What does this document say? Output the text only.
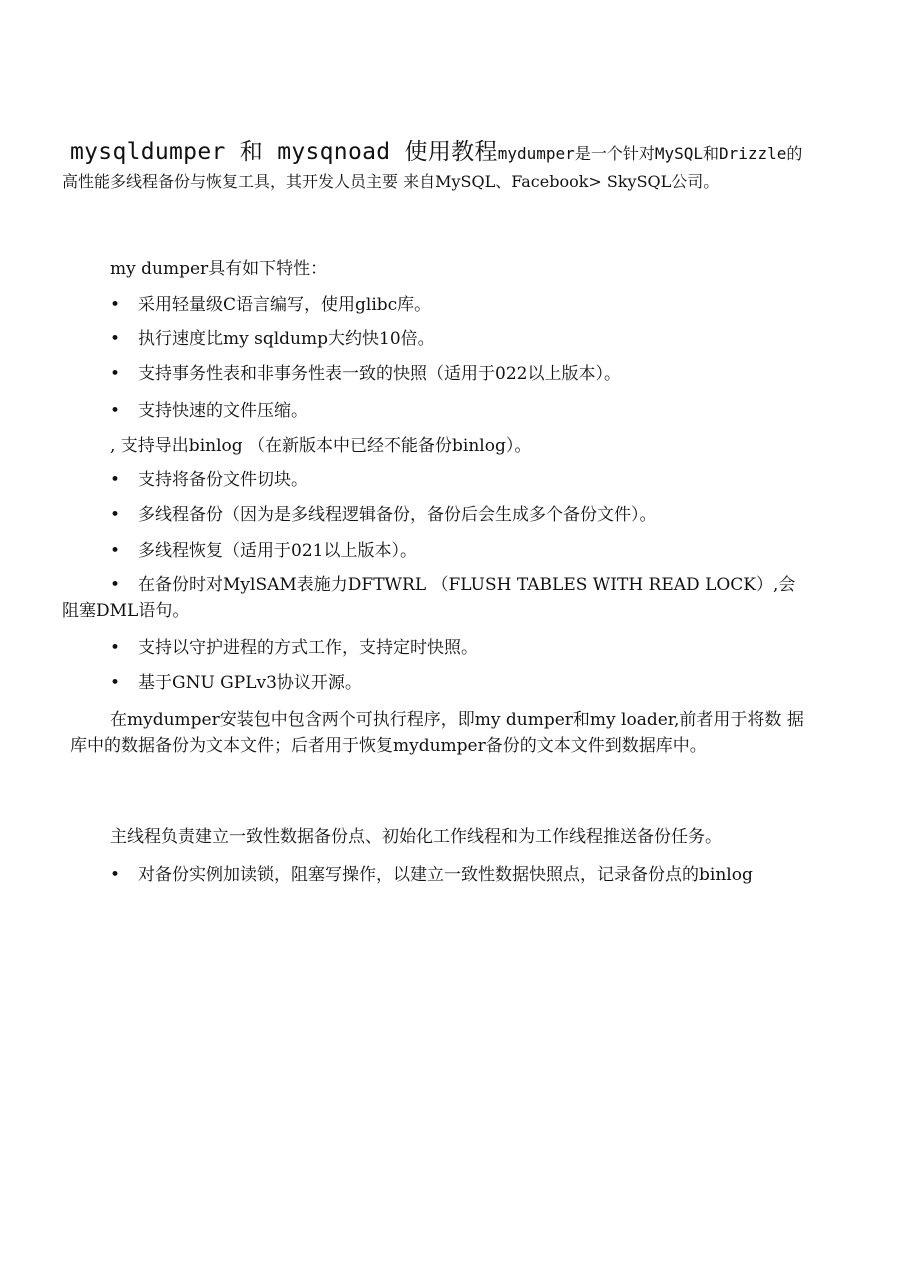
mysqldumper 和 mysqnoad 使用教程mydumper是一个针对MySQL和Drizzle的
高性能多线程备份与恢复工具，其开发人员主要 来自MySQL、Facebook> SkySQL公司。
my dumper具有如下特性：
• 采用轻量级C语言编写，使用glibc库。
• 执行速度比my sqldump大约快10倍。
• 支持事务性表和非事务性表一致的快照（适用于022以上版本）。
• 支持快速的文件压缩。
, 支持导出binlog （在新版本中已经不能备份binlog）。
• 支持将备份文件切块。
• 多线程备份（因为是多线程逻辑备份，备份后会生成多个备份文件）。
• 多线程恢复（适用于021以上版本）。
• 在备份时对MylSAM表施力DFTWRL （FLUSH TABLES WITH READ LOCK）,会
阻塞DML语句。
• 支持以守护进程的方式工作，支持定时快照。
• 基于GNU GPLv3协议开源。
在mydumper安装包中包含两个可执行程序，即my dumper和my loader,前者用于将数 据
库中的数据备份为文本文件；后者用于恢复mydumper备份的文本文件到数据库中。
主线程负责建立一致性数据备份点、初始化工作线程和为工作线程推送备份任务。
• 对备份实例加读锁，阻塞写操作，以建立一致性数据快照点，记录备份点的binlog
